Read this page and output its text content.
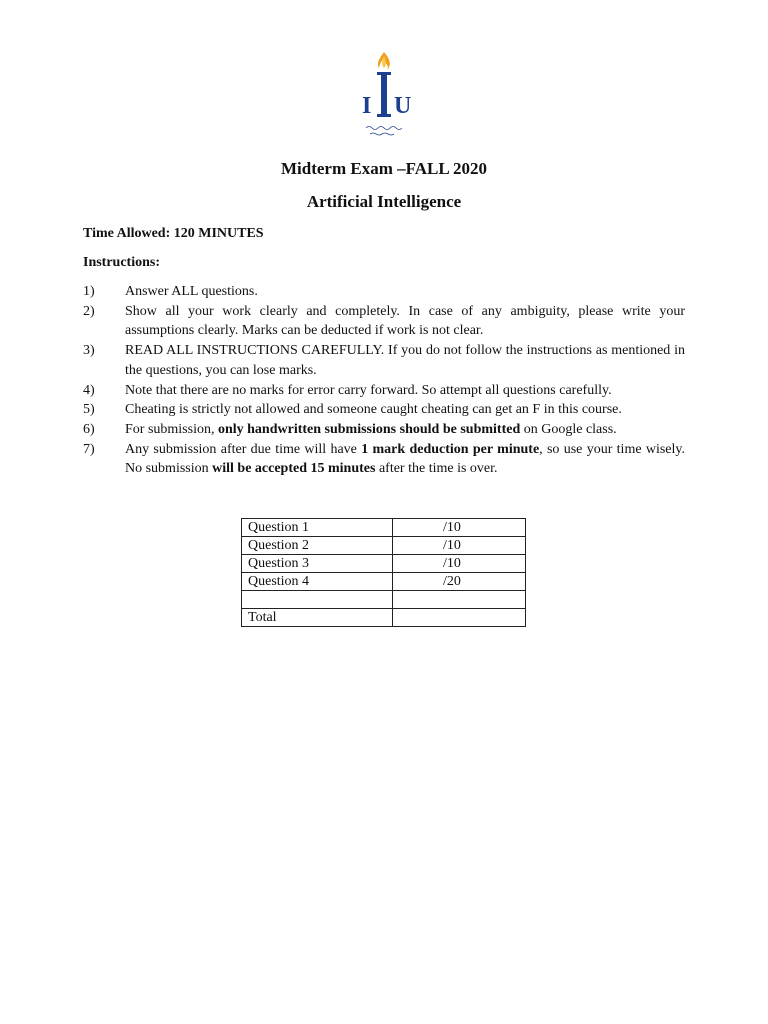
I U
Midterm Exam –FALL 2020
Artificial Intelligence
Time Allowed: 120 MINUTES
Instructions:
1) Answer ALL questions.
2) Show all your work clearly and completely. In case of any ambiguity, please write your assumptions clearly. Marks can be deducted if work is not clear.
3) READ ALL INSTRUCTIONS CAREFULLY. If you do not follow the instructions as mentioned in the questions, you can lose marks.
4) Note that there are no marks for error carry forward. So attempt all questions carefully.
5) Cheating is strictly not allowed and someone caught cheating can get an F in this course.
6) For submission, only handwritten submissions should be submitted on Google class.
7) Any submission after due time will have 1 mark deduction per minute, so use your time wisely. No submission will be accepted 15 minutes after the time is over.
Question 1	/10
Question 2	/10
Question 3	/10
Question 4	/20

Total	
